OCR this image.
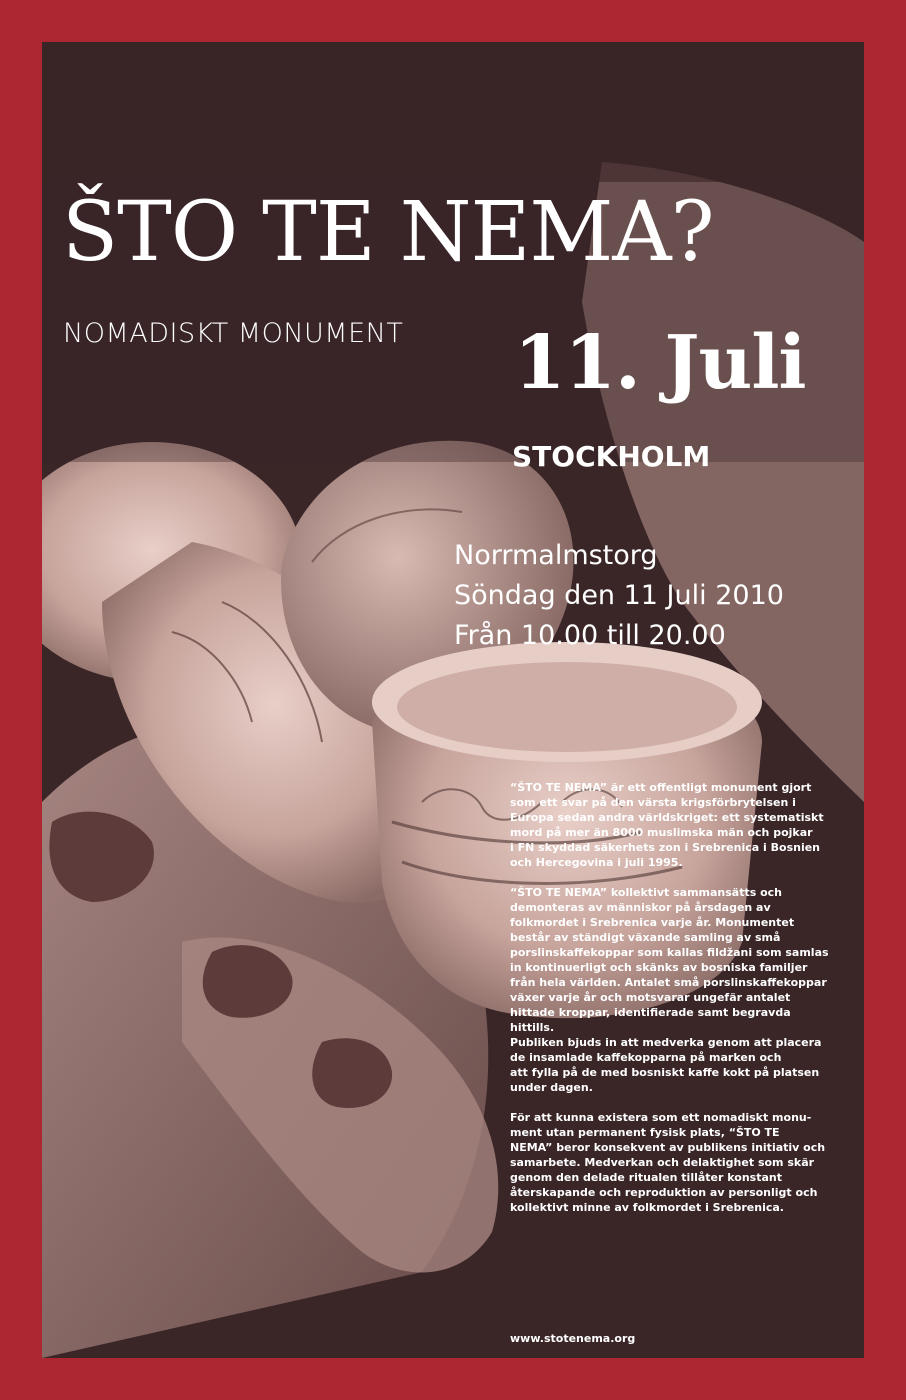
ŠTO TE NEMA?
NOMADISKT MONUMENT 11. Juli
STOCKHOLM
Norrmalmstorg
Söndag den 11 Juli 2010
Från 10.00 till 20.00

“ŠTO TE NEMA” är ett offentligt monument gjort
som ett svar på den värsta krigsförbrytelsen i
Europa sedan andra världskriget: ett systematiskt
mord på mer än 8000 muslimska män och pojkar
i FN skyddad säkerhets zon i Srebrenica i Bosnien
och Hercegovina i juli 1995.

“ŠTO TE NEMA” kollektivt sammansätts och
demonteras av människor på årsdagen av
folkmordet i Srebrenica varje år. Monumentet
består av ständigt växande samling av små
porslinskaffekoppar som kallas fildžani som samlas
in kontinuerligt och skänks av bosniska familjer
från hela världen. Antalet små porslinskaffekoppar
växer varje år och motsvarar ungefär antalet
hittade kroppar, identifierade samt begravda
hittills.
Publiken bjuds in att medverka genom att placera
de insamlade kaffekopparna på marken och
att fylla på de med bosniskt kaffe kokt på platsen
under dagen.

För att kunna existera som ett nomadiskt monu-
ment utan permanent fysisk plats, “ŠTO TE
NEMA” beror konsekvent av publikens initiativ och
samarbete. Medverkan och delaktighet som skär
genom den delade ritualen tillåter konstant
återskapande och reproduktion av personligt och
kollektivt minne av folkmordet i Srebrenica.

www.stotenema.org
